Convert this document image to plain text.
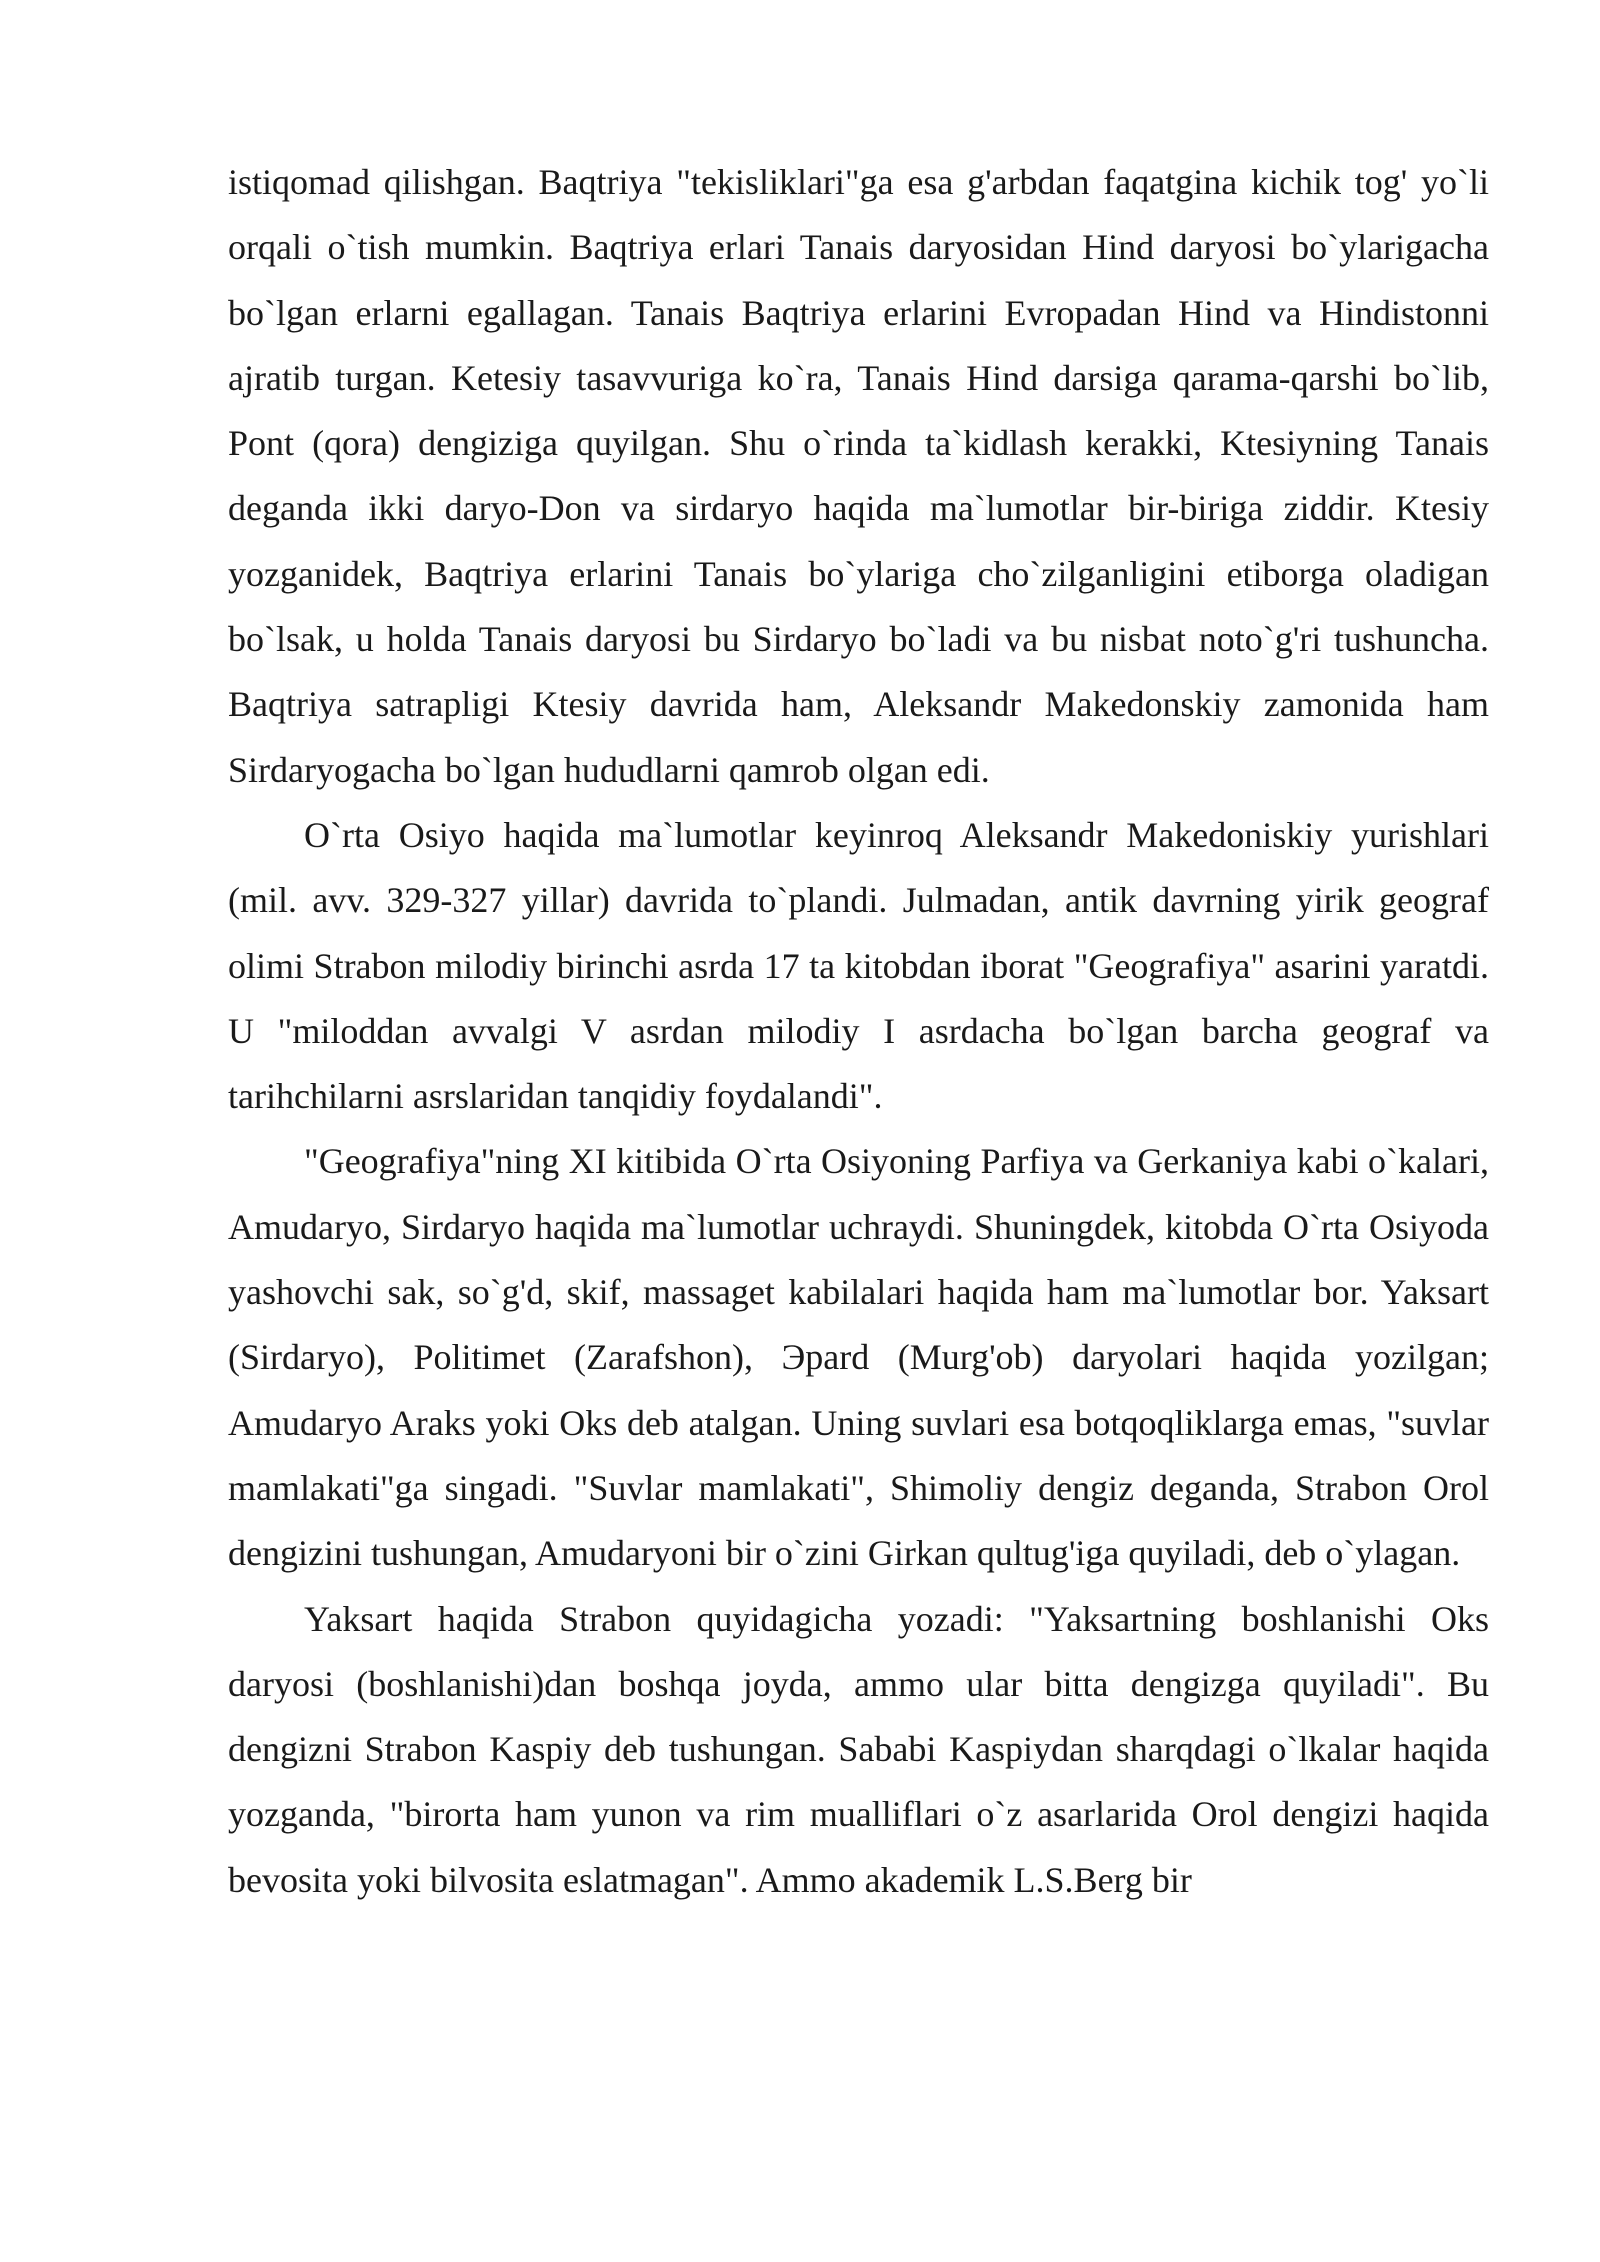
istiqomad qilishgan. Baqtriya "tekisliklari"ga esa g'arbdan faqatgina kichik tog' yo`li orqali o`tish mumkin. Baqtriya erlari Tanais daryosidan Hind daryosi bo`ylarigacha bo`lgan erlarni egallagan. Tanais Baqtriya erlarini Evropadan Hind va Hindistonni ajratib turgan. Ketesiy tasavvuriga ko`ra, Tanais Hind darsiga qarama-qarshi bo`lib, Pont (qora) dengiziga quyilgan. Shu o`rinda ta`kidlash kerakki, Ktesiyning Tanais deganda ikki daryo-Don va sirdaryo haqida ma`lumotlar bir-biriga ziddir. Ktesiy yozganidek, Baqtriya erlarini Tanais bo`ylariga cho`zilganligini etiborga oladigan bo`lsak, u holda Tanais daryosi bu Sirdaryo bo`ladi va bu nisbat noto`g'ri tushuncha. Baqtriya satrapligi Ktesiy davrida ham, Aleksandr Makedonskiy zamonida ham Sirdaryogacha bo`lgan hududlarni qamrob olgan edi.

O`rta Osiyo haqida ma`lumotlar keyinroq Aleksandr Makedoniskiy yurishlari (mil. avv. 329-327 yillar) davrida to`plandi. Julmadan, antik davrning yirik geograf olimi Strabon milodiy birinchi asrda 17 ta kitobdan iborat "Geografiya" asarini yaratdi. U "miloddan avvalgi V asrdan milodiy I asrdacha bo`lgan barcha geograf va tarihchilarni asrslaridan tanqidiy foydalandi".

"Geografiya"ning XI kitibida O`rta Osiyoning Parfiya va Gerkaniya kabi o`kalari, Amudaryo, Sirdaryo haqida ma`lumotlar uchraydi. Shuningdek, kitobda O`rta Osiyoda yashovchi sak, so`g'd, skif, massaget kabilalari haqida ham ma`lumotlar bor. Yaksart (Sirdaryo), Politimet (Zarafshon), Эpard (Murg'ob) daryolari haqida yozilgan; Amudaryo Araks yoki Oks deb atalgan. Uning suvlari esa botqoqliklarga emas, "suvlar mamlakati"ga singadi. "Suvlar mamlakati", Shimoliy dengiz deganda, Strabon Orol dengizini tushungan, Amudaryoni bir o`zini Girkan qultug'iga quyiladi, deb o`ylagan.

Yaksart haqida Strabon quyidagicha yozadi: "Yaksartning boshlanishi Oks daryosi (boshlanishi)dan boshqa joyda, ammo ular bitta dengizga quyiladi". Bu dengizni Strabon Kaspiy deb tushungan. Sababi Kaspiydan sharqdagi o`lkalar haqida yozganda, "birorta ham yunon va rim mualliflari o`z asarlarida Orol dengizi haqida bevosita yoki bilvosita eslatmagan". Ammo akademik L.S.Berg bir
